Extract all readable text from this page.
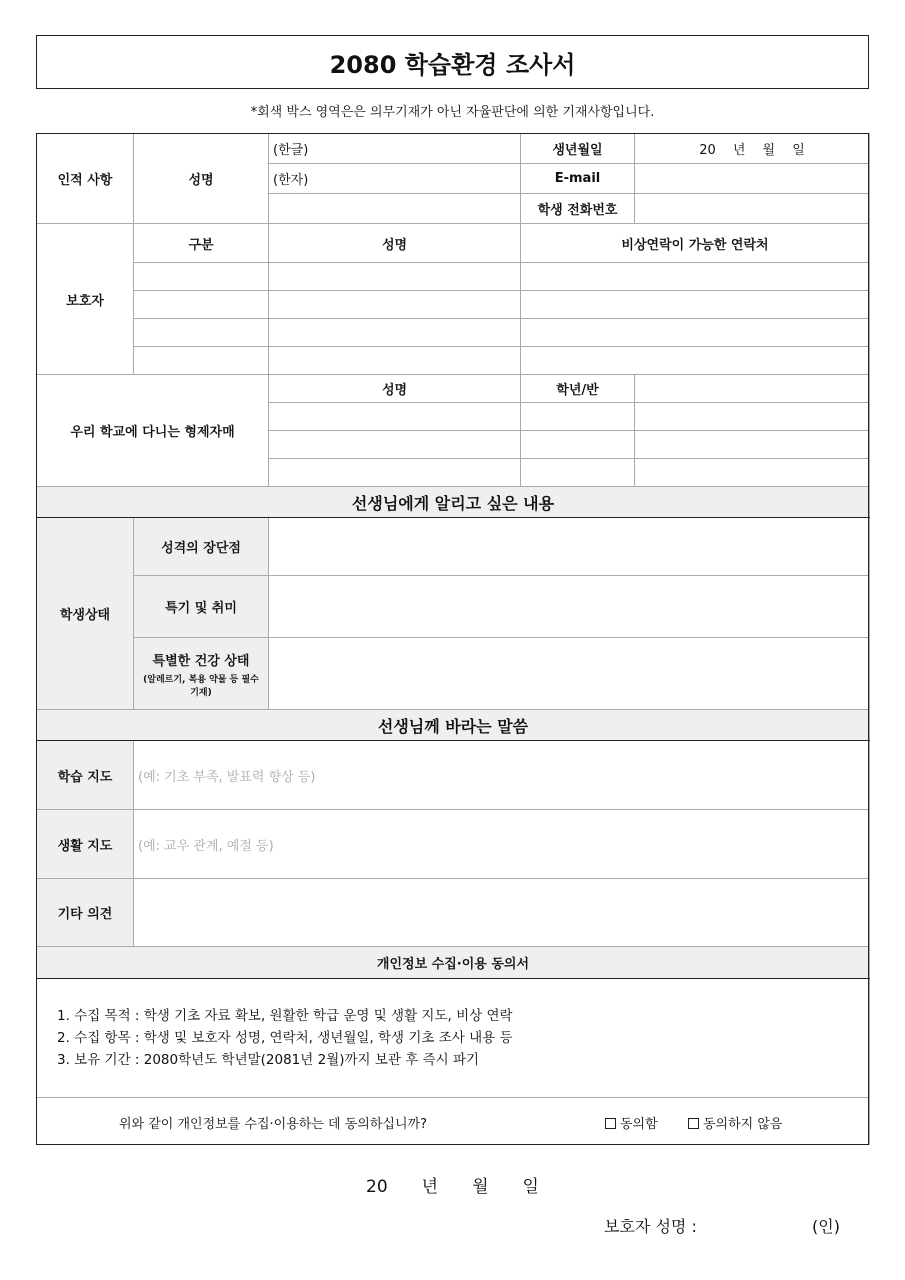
2080 학습환경 조사서
*회색 박스 영역은은 의무기재가 아닌 자율판단에 의한 기재사항입니다.
인적 사항	성명	(한글)	생년월일	20　 년 　월 　일
		(한자)	E-mail	
			학생 전화번호	
보호자	구분	성명	비상연락이 가능한 연락처	

우리 학교에 다니는 형제자매		성명	학년/반	

선생님에게 알리고 싶은 내용				
학생상태	성격의 장단점			
	특기 및 취미			
	특별한 건강 상태
(알레르기, 복용 약물 등 필수 기재)			

선생님께 바라는 말씀				
학습 지도	(예: 기초 부족, 발표력 향상 등)			
생활 지도	(예: 교우 관계, 예절 등)			
기타 의견				
개인정보 수집·이용 동의서				

1. 수집 목적 : 학생 기초 자료 확보, 원활한 학급 운영 및 생활 지도, 비상 연락
2. 수집 항목 : 학생 및 보호자 성명, 연락처, 생년월일, 학생 기초 조사 내용 등
3. 보유 기간 : 2080학년도 학년말(2081년 2월)까지 보관 후 즉시 파기				

위와 같이 개인정보를 수집·이용하는 데 동의하십니까? 동의함 동의하지 않음				
20 년 월 일
보호자 성명 :	(인)
